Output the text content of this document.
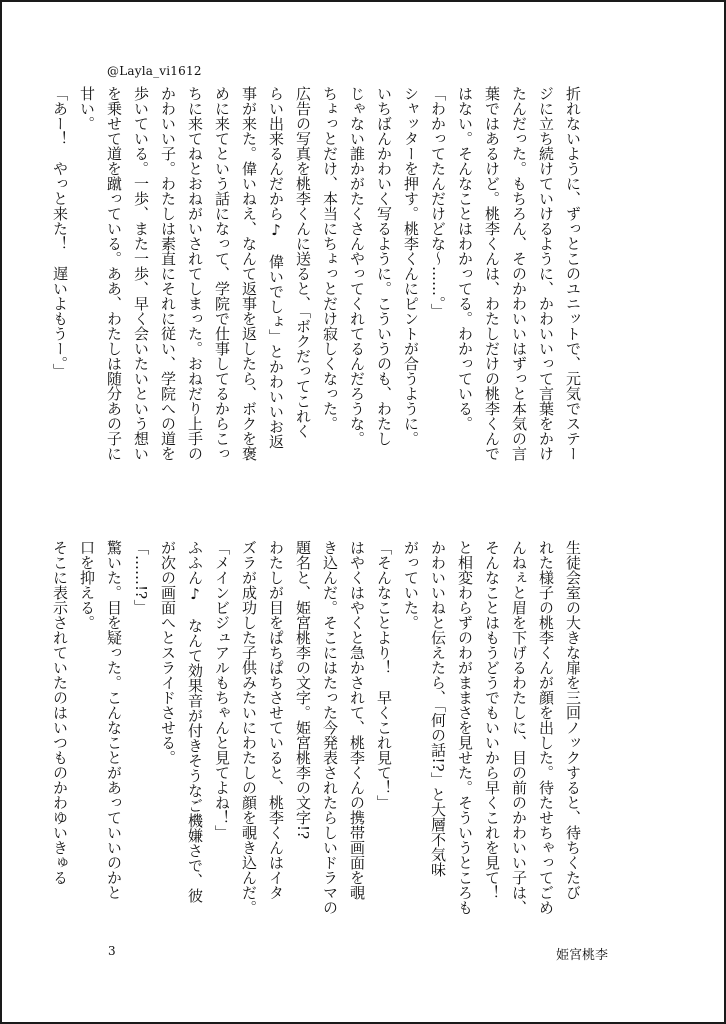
@Layla_vi1612
折れないように、ずっとこのユニットで、元気でステー
ジに立ち続けていけるように、かわいいって言葉をかけ
たんだった。もちろん、そのかわいいはずっと本気の言
葉ではあるけど。桃李くんは、わたしだけの桃李くんで
はない。そんなことはわかってる。わかっている。
「わかってたんだけどな～……。」
シャッターを押す。桃李くんにピントが合うように。
いちばんかわいく写るように。こういうのも、わたし
じゃない誰かがたくさんやってくれてるんだろうな。
ちょっとだけ、本当にちょっとだけ寂しくなった。
広告の写真を桃李くんに送ると、「ボクだってこれく
らい出来るんだから♪　偉いでしょ」とかわいいお返
事が来た。偉いねえ、なんて返事を返したら、ボクを褒
めに来てという話になって、学院で仕事してるからこっ
ちに来てねとおねがいされてしまった。おねだり上手の
かわいい子。わたしは素直にそれに従い、学院への道を
歩いている。一歩、また一歩、早く会いたいという想い
を乗せて道を蹴っている。ああ、わたしは随分あの子に
甘い。
「あー！　やっと来た！　遅いよもうー。」
生徒会室の大きな扉を三回ノックすると、待ちくたび
れた様子の桃李くんが顔を出した。待たせちゃってごめ
んねぇと眉を下げるわたしに、目の前のかわいい子は、
そんなことはもうどうでもいいから早くこれを見て！
と相変わらずのわがままさを見せた。そういうところも
かわいいねと伝えたら、「何の話!?」と大層不気味
がっていた。
「そんなことより！　早くこれ見て！」
はやくはやくと急かされて、桃李くんの携帯画面を覗
き込んだ。そこにはたった今発表されたらしいドラマの
題名と、姫宮桃李の文字。姫宮桃李の文字!?
わたしが目をぱちぱちさせていると、桃李くんはイタ
ズラが成功した子供みたいにわたしの顔を覗き込んだ。
「メインビジュアルもちゃんと見てよね！」
ふふん♪　なんて効果音が付きそうなご機嫌さで、彼
が次の画面へとスライドさせる。
「……!?」
驚いた。目を疑った。こんなことがあっていいのかと
口を抑える。
そこに表示されていたのはいつものかわゆいきゅる
3	姫宮桃李
